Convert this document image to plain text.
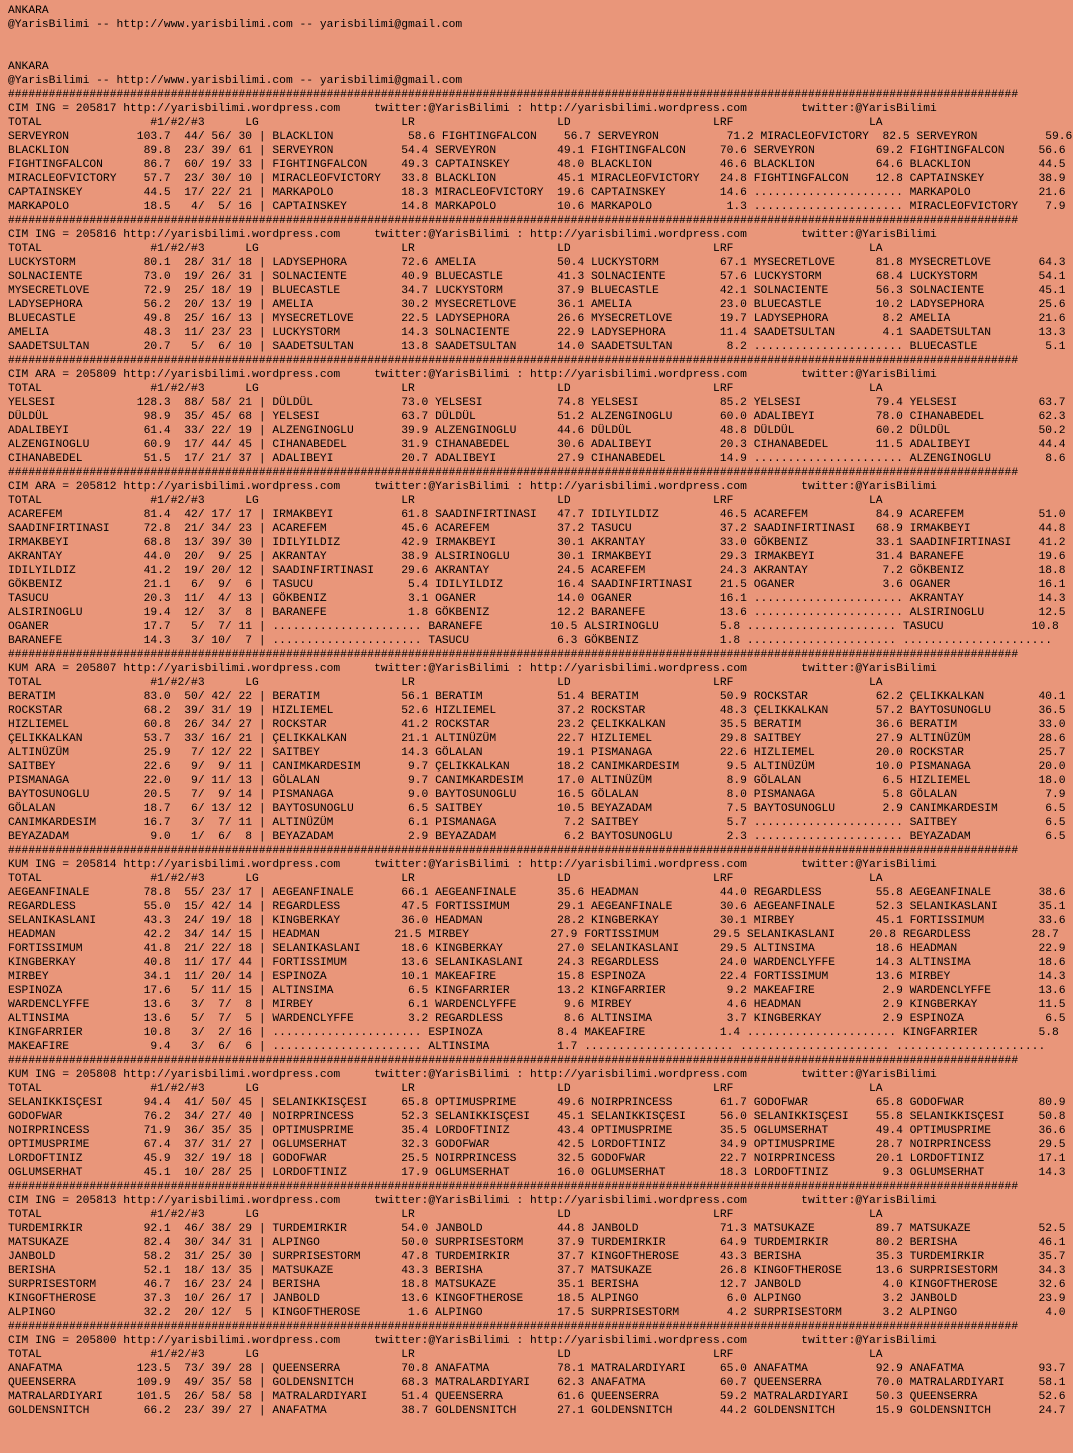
ANKARA
@YarisBilimi -- http://www.yarisbilimi.com -- yarisbilimi@gmail.com

ANKARA
@YarisBilimi -- http://www.yarisbilimi.com -- yarisbilimi@gmail.com
#####################################################################################################################################################
CIM ING = 205817 http://yarisbilimi.wordpress.com     twitter:@YarisBilimi : http://yarisbilimi.wordpress.com        twitter:@YarisBilimi
TOTAL                #1/#2/#3      LG                     LR                     LD                     LRF                    LA
SERVEYRON          103.7  44/ 56/ 30 | BLACKLION           58.6 FIGHTINGFALCON    56.7 SERVEYRON          71.2 MIRACLEOFVICTORY  82.5 SERVEYRON          59.6
BLACKLION           89.8  23/ 39/ 61 | SERVEYRON          54.4 SERVEYRON         49.1 FIGHTINGFALCON     70.6 SERVEYRON         69.2 FIGHTINGFALCON     56.6
FIGHTINGFALCON      86.7  60/ 19/ 33 | FIGHTINGFALCON     49.3 CAPTAINSKEY       48.0 BLACKLION          46.6 BLACKLION         64.6 BLACKLION          44.5
MIRACLEOFVICTORY    57.7  23/ 30/ 10 | MIRACLEOFVICTORY   33.8 BLACKLION         45.1 MIRACLEOFVICTORY   24.8 FIGHTINGFALCON    12.8 CAPTAINSKEY        38.9
CAPTAINSKEY         44.5  17/ 22/ 21 | MARKAPOLO          18.3 MIRACLEOFVICTORY  19.6 CAPTAINSKEY        14.6 ...................... MARKAPOLO          21.6
MARKAPOLO           18.5   4/  5/ 16 | CAPTAINSKEY        14.8 MARKAPOLO         10.6 MARKAPOLO           1.3 ...................... MIRACLEOFVICTORY    7.9
#####################################################################################################################################################
CIM ING = 205816 http://yarisbilimi.wordpress.com     twitter:@YarisBilimi : http://yarisbilimi.wordpress.com        twitter:@YarisBilimi
TOTAL                #1/#2/#3      LG                     LR                     LD                     LRF                    LA
LUCKYSTORM          80.1  28/ 31/ 18 | LADYSEPHORA        72.6 AMELIA            50.4 LUCKYSTORM         67.1 MYSECRETLOVE      81.8 MYSECRETLOVE       64.3
SOLNACIENTE         73.0  19/ 26/ 31 | SOLNACIENTE        40.9 BLUECASTLE        41.3 SOLNACIENTE        57.6 LUCKYSTORM        68.4 LUCKYSTORM         54.1
MYSECRETLOVE        72.9  25/ 18/ 19 | BLUECASTLE         34.7 LUCKYSTORM        37.9 BLUECASTLE         42.1 SOLNACIENTE       56.3 SOLNACIENTE        45.1
LADYSEPHORA         56.2  20/ 13/ 19 | AMELIA             30.2 MYSECRETLOVE      36.1 AMELIA             23.0 BLUECASTLE        10.2 LADYSEPHORA        25.6
BLUECASTLE          49.8  25/ 16/ 13 | MYSECRETLOVE       22.5 LADYSEPHORA       26.6 MYSECRETLOVE       19.7 LADYSEPHORA        8.2 AMELIA             21.6
AMELIA              48.3  11/ 23/ 23 | LUCKYSTORM         14.3 SOLNACIENTE       22.9 LADYSEPHORA        11.4 SAADETSULTAN       4.1 SAADETSULTAN       13.3
SAADETSULTAN        20.7   5/  6/ 10 | SAADETSULTAN       13.8 SAADETSULTAN      14.0 SAADETSULTAN        8.2 ...................... BLUECASTLE          5.1
#####################################################################################################################################################
CIM ARA = 205809 http://yarisbilimi.wordpress.com     twitter:@YarisBilimi : http://yarisbilimi.wordpress.com        twitter:@YarisBilimi
TOTAL                #1/#2/#3      LG                     LR                     LD                     LRF                    LA
YELSESI            128.3  88/ 58/ 21 | DÜLDÜL             73.0 YELSESI           74.8 YELSESI            85.2 YELSESI           79.4 YELSESI            63.7
DÜLDÜL              98.9  35/ 45/ 68 | YELSESI            63.7 DÜLDÜL            51.2 ALZENGINOGLU       60.0 ADALIBEYI         78.0 CIHANABEDEL        62.3
ADALIBEYI           61.4  33/ 22/ 19 | ALZENGINOGLU       39.9 ALZENGINOGLU      44.6 DÜLDÜL             48.8 DÜLDÜL            60.2 DÜLDÜL             50.2
ALZENGINOGLU        60.9  17/ 44/ 45 | CIHANABEDEL        31.9 CIHANABEDEL       30.6 ADALIBEYI          20.3 CIHANABEDEL       11.5 ADALIBEYI          44.4
CIHANABEDEL         51.5  17/ 21/ 37 | ADALIBEYI          20.7 ADALIBEYI         27.9 CIHANABEDEL        14.9 ...................... ALZENGINOGLU        8.6
#####################################################################################################################################################
CIM ARA = 205812 http://yarisbilimi.wordpress.com     twitter:@YarisBilimi : http://yarisbilimi.wordpress.com        twitter:@YarisBilimi
TOTAL                #1/#2/#3      LG                     LR                     LD                     LRF                    LA
ACAREFEM            81.4  42/ 17/ 17 | IRMAKBEYI          61.8 SAADINFIRTINASI   47.7 IDILYILDIZ         46.5 ACAREFEM          84.9 ACAREFEM           51.0
SAADINFIRTINASI     72.8  21/ 34/ 23 | ACAREFEM           45.6 ACAREFEM          37.2 TASUCU             37.2 SAADINFIRTINASI   68.9 IRMAKBEYI          44.8
IRMAKBEYI           68.8  13/ 39/ 30 | IDILYILDIZ         42.9 IRMAKBEYI         30.1 AKRANTAY           33.0 GÖKBENIZ          33.1 SAADINFIRTINASI    41.2
AKRANTAY            44.0  20/  9/ 25 | AKRANTAY           38.9 ALSIRINOGLU       30.1 IRMAKBEYI          29.3 IRMAKBEYI         31.4 BARANEFE           19.6
IDILYILDIZ          41.2  19/ 20/ 12 | SAADINFIRTINASI    29.6 AKRANTAY          24.5 ACAREFEM           24.3 AKRANTAY           7.2 GÖKBENIZ           18.8
GÖKBENIZ            21.1   6/  9/  6 | TASUCU              5.4 IDILYILDIZ        16.4 SAADINFIRTINASI    21.5 OGANER             3.6 OGANER             16.1
TASUCU              20.3  11/  4/ 13 | GÖKBENIZ            3.1 OGANER            14.0 OGANER             16.1 ...................... AKRANTAY           14.3
ALSIRINOGLU         19.4  12/  3/  8 | BARANEFE            1.8 GÖKBENIZ          12.2 BARANEFE           13.6 ...................... ALSIRINOGLU        12.5
OGANER              17.7   5/  7/ 11 | ...................... BARANEFE          10.5 ALSIRINOGLU         5.8 ...................... TASUCU             10.8
BARANEFE            14.3   3/ 10/  7 | ...................... TASUCU             6.3 GÖKBENIZ            1.8 ...................... ......................
#####################################################################################################################################################
KUM ARA = 205807 http://yarisbilimi.wordpress.com     twitter:@YarisBilimi : http://yarisbilimi.wordpress.com        twitter:@YarisBilimi
TOTAL                #1/#2/#3      LG                     LR                     LD                     LRF                    LA
BERATIM             83.0  50/ 42/ 22 | BERATIM            56.1 BERATIM           51.4 BERATIM            50.9 ROCKSTAR          62.2 ÇELIKKALKAN        40.1
ROCKSTAR            68.2  39/ 31/ 19 | HIZLIEMEL          52.6 HIZLIEMEL         37.2 ROCKSTAR           48.3 ÇELIKKALKAN       57.2 BAYTOSUNOGLU       36.5
HIZLIEMEL           60.8  26/ 34/ 27 | ROCKSTAR           41.2 ROCKSTAR          23.2 ÇELIKKALKAN        35.5 BERATIM           36.6 BERATIM            33.0
ÇELIKKALKAN         53.7  33/ 16/ 21 | ÇELIKKALKAN        21.1 ALTINÜZÜM         22.7 HIZLIEMEL          29.8 SAITBEY           27.9 ALTINÜZÜM          28.6
ALTINÜZÜM           25.9   7/ 12/ 22 | SAITBEY            14.3 GÖLALAN           19.1 PISMANAGA          22.6 HIZLIEMEL         20.0 ROCKSTAR           25.7
SAITBEY             22.6   9/  9/ 11 | CANIMKARDESIM       9.7 ÇELIKKALKAN       18.2 CANIMKARDESIM       9.5 ALTINÜZÜM         10.0 PISMANAGA          20.0
PISMANAGA           22.0   9/ 11/ 13 | GÖLALAN             9.7 CANIMKARDESIM     17.0 ALTINÜZÜM           8.9 GÖLALAN            6.5 HIZLIEMEL          18.0
BAYTOSUNOGLU        20.5   7/  9/ 14 | PISMANAGA           9.0 BAYTOSUNOGLU      16.5 GÖLALAN             8.0 PISMANAGA          5.8 GÖLALAN             7.9
GÖLALAN             18.7   6/ 13/ 12 | BAYTOSUNOGLU        6.5 SAITBEY           10.5 BEYAZADAM           7.5 BAYTOSUNOGLU       2.9 CANIMKARDESIM       6.5
CANIMKARDESIM       16.7   3/  7/ 11 | ALTINÜZÜM           6.1 PISMANAGA          7.2 SAITBEY             5.7 ...................... SAITBEY             6.5
BEYAZADAM            9.0   1/  6/  8 | BEYAZADAM           2.9 BEYAZADAM          6.2 BAYTOSUNOGLU        2.3 ...................... BEYAZADAM           6.5
#####################################################################################################################################################
KUM ING = 205814 http://yarisbilimi.wordpress.com     twitter:@YarisBilimi : http://yarisbilimi.wordpress.com        twitter:@YarisBilimi
TOTAL                #1/#2/#3      LG                     LR                     LD                     LRF                    LA
AEGEANFINALE        78.8  55/ 23/ 17 | AEGEANFINALE       66.1 AEGEANFINALE      35.6 HEADMAN            44.0 REGARDLESS        55.8 AEGEANFINALE       38.6
REGARDLESS          55.0  15/ 42/ 14 | REGARDLESS         47.5 FORTISSIMUM       29.1 AEGEANFINALE       30.6 AEGEANFINALE      52.3 SELANIKASLANI      35.1
SELANIKASLANI       43.3  24/ 19/ 18 | KINGBERKAY         36.0 HEADMAN           28.2 KINGBERKAY         30.1 MIRBEY            45.1 FORTISSIMUM        33.6
HEADMAN             42.2  34/ 14/ 15 | HEADMAN           21.5 MIRBEY            27.9 FORTISSIMUM        29.5 SELANIKASLANI     20.8 REGARDLESS         28.7
FORTISSIMUM         41.8  21/ 22/ 18 | SELANIKASLANI      18.6 KINGBERKAY        27.0 SELANIKASLANI      29.5 ALTINSIMA         18.6 HEADMAN            22.9
KINGBERKAY          40.8  11/ 17/ 44 | FORTISSIMUM        13.6 SELANIKASLANI     24.3 REGARDLESS         24.0 WARDENCLYFFE      14.3 ALTINSIMA          18.6
MIRBEY              34.1  11/ 20/ 14 | ESPINOZA           10.1 MAKEAFIRE         15.8 ESPINOZA           22.4 FORTISSIMUM       13.6 MIRBEY             14.3
ESPINOZA            17.6   5/ 11/ 15 | ALTINSIMA           6.5 KINGFARRIER       13.2 KINGFARRIER         9.2 MAKEAFIRE          2.9 WARDENCLYFFE       13.6
WARDENCLYFFE        13.6   3/  7/  8 | MIRBEY              6.1 WARDENCLYFFE       9.6 MIRBEY              4.6 HEADMAN            2.9 KINGBERKAY         11.5
ALTINSIMA           13.6   5/  7/  5 | WARDENCLYFFE        3.2 REGARDLESS         8.6 ALTINSIMA           3.7 KINGBERKAY         2.9 ESPINOZA            6.5
KINGFARRIER         10.8   3/  2/ 16 | ...................... ESPINOZA           8.4 MAKEAFIRE           1.4 ...................... KINGFARRIER         5.8
MAKEAFIRE            9.4   3/  6/  6 | ...................... ALTINSIMA          1.7 ...................... ...................... ......................
#####################################################################################################################################################
KUM ING = 205808 http://yarisbilimi.wordpress.com     twitter:@YarisBilimi : http://yarisbilimi.wordpress.com        twitter:@YarisBilimi
TOTAL                #1/#2/#3      LG                     LR                     LD                     LRF                    LA
SELANIKKISÇESI      94.4  41/ 50/ 45 | SELANIKKISÇESI     65.8 OPTIMUSPRIME      49.6 NOIRPRINCESS       61.7 GODOFWAR          65.8 GODOFWAR           80.9
GODOFWAR            76.2  34/ 27/ 40 | NOIRPRINCESS       52.3 SELANIKKISÇESI    45.1 SELANIKKISÇESI     56.0 SELANIKKISÇESI    55.8 SELANIKKISÇESI     50.8
NOIRPRINCESS        71.9  36/ 35/ 35 | OPTIMUSPRIME       35.4 LORDOFTINIZ       43.4 OPTIMUSPRIME       35.5 OGLUMSERHAT       49.4 OPTIMUSPRIME       36.6
OPTIMUSPRIME        67.4  37/ 31/ 27 | OGLUMSERHAT        32.3 GODOFWAR          42.5 LORDOFTINIZ        34.9 OPTIMUSPRIME      28.7 NOIRPRINCESS       29.5
LORDOFTINIZ         45.9  32/ 19/ 18 | GODOFWAR           25.5 NOIRPRINCESS      32.5 GODOFWAR           22.7 NOIRPRINCESS      20.1 LORDOFTINIZ        17.1
OGLUMSERHAT         45.1  10/ 28/ 25 | LORDOFTINIZ        17.9 OGLUMSERHAT       16.0 OGLUMSERHAT        18.3 LORDOFTINIZ        9.3 OGLUMSERHAT        14.3
#####################################################################################################################################################
CIM ING = 205813 http://yarisbilimi.wordpress.com     twitter:@YarisBilimi : http://yarisbilimi.wordpress.com        twitter:@YarisBilimi
TOTAL                #1/#2/#3      LG                     LR                     LD                     LRF                    LA
TURDEMIRKIR         92.1  46/ 38/ 29 | TURDEMIRKIR        54.0 JANBOLD           44.8 JANBOLD            71.3 MATSUKAZE         89.7 MATSUKAZE          52.5
MATSUKAZE           82.4  30/ 34/ 31 | ALPINGO            50.0 SURPRISESTORM     37.9 TURDEMIRKIR        64.9 TURDEMIRKIR       80.2 BERISHA            46.1
JANBOLD             58.2  31/ 25/ 30 | SURPRISESTORM      47.8 TURDEMIRKIR       37.7 KINGOFTHEROSE      43.3 BERISHA           35.3 TURDEMIRKIR        35.7
BERISHA             52.1  18/ 13/ 35 | MATSUKAZE          43.3 BERISHA           37.7 MATSUKAZE          26.8 KINGOFTHEROSE     13.6 SURPRISESTORM      34.3
SURPRISESTORM       46.7  16/ 23/ 24 | BERISHA            18.8 MATSUKAZE         35.1 BERISHA            12.7 JANBOLD            4.0 KINGOFTHEROSE      32.6
KINGOFTHEROSE       37.3  10/ 26/ 17 | JANBOLD            13.6 KINGOFTHEROSE     18.5 ALPINGO             6.0 ALPINGO            3.2 JANBOLD            23.9
ALPINGO             32.2  20/ 12/  5 | KINGOFTHEROSE       1.6 ALPINGO           17.5 SURPRISESTORM       4.2 SURPRISESTORM      3.2 ALPINGO             4.0
#####################################################################################################################################################
CIM ING = 205800 http://yarisbilimi.wordpress.com     twitter:@YarisBilimi : http://yarisbilimi.wordpress.com        twitter:@YarisBilimi
TOTAL                #1/#2/#3      LG                     LR                     LD                     LRF                    LA
ANAFATMA           123.5  73/ 39/ 28 | QUEENSERRA         70.8 ANAFATMA          78.1 MATRALARDIYARI     65.0 ANAFATMA          92.9 ANAFATMA           93.7
QUEENSERRA         109.9  49/ 35/ 58 | GOLDENSNITCH       68.3 MATRALARDIYARI    62.3 ANAFATMA           60.7 QUEENSERRA        70.0 MATRALARDIYARI     58.1
MATRALARDIYARI     101.5  26/ 58/ 58 | MATRALARDIYARI     51.4 QUEENSERRA        61.6 QUEENSERRA         59.2 MATRALARDIYARI    50.3 QUEENSERRA         52.6
GOLDENSNITCH        66.2  23/ 39/ 27 | ANAFATMA           38.7 GOLDENSNITCH      27.1 GOLDENSNITCH       44.2 GOLDENSNITCH      15.9 GOLDENSNITCH       24.7
